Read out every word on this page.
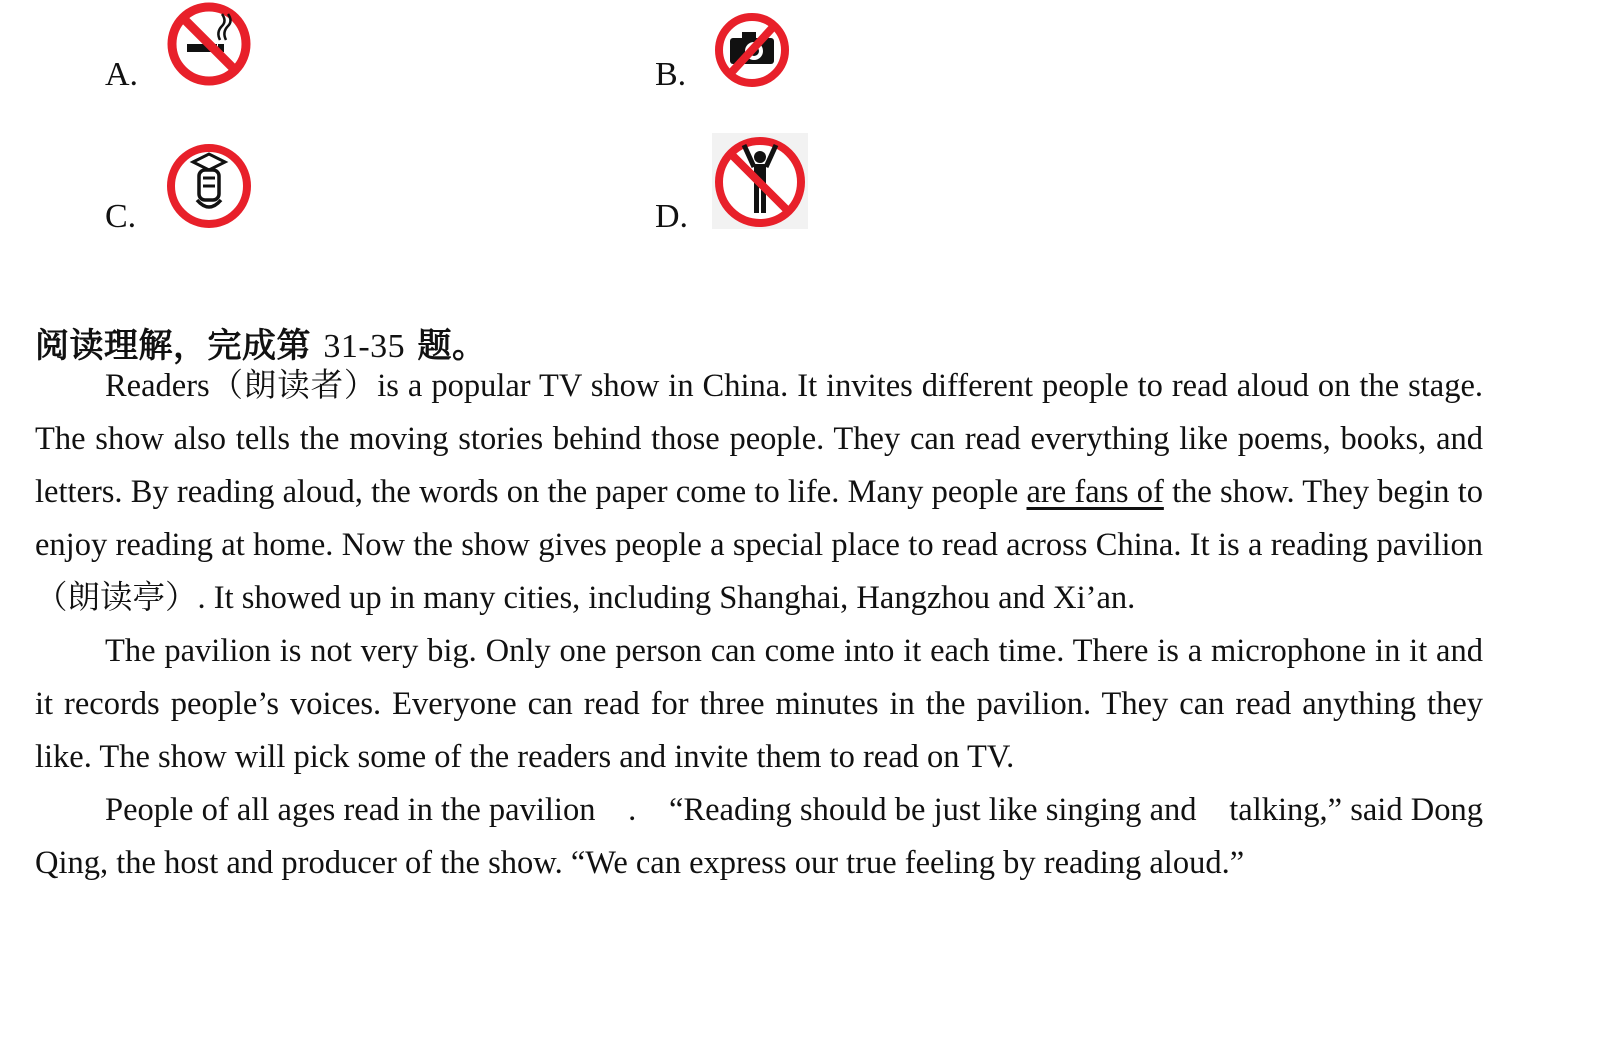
A.	B.
C.	D.
阅读理解，完成第 31-35 题。

Readers（朗读者）is a popular TV show in China. It invites different people to read aloud on the stage. The show also tells the moving stories behind those people. They can read everything like poems, books, and letters. By reading aloud, the words on the paper come to life. Many people are fans of the show. They begin to enjoy reading at home. Now the show gives people a special place to read across China. It is a reading pavilion（朗读亭）. It showed up in many cities, including Shanghai, Hangzhou and Xi’an.

The pavilion is not very big. Only one person can come into it each time. There is a microphone in it and it records people’s voices. Everyone can read for three minutes in the pavilion. They can read anything they like. The show will pick some of the readers and invite them to read on TV.

People of all ages read in the pavilion    .    “Reading should be just like singing and    talking,” said Dong Qing, the host and producer of the show. “We can express our true feeling by reading aloud.”
